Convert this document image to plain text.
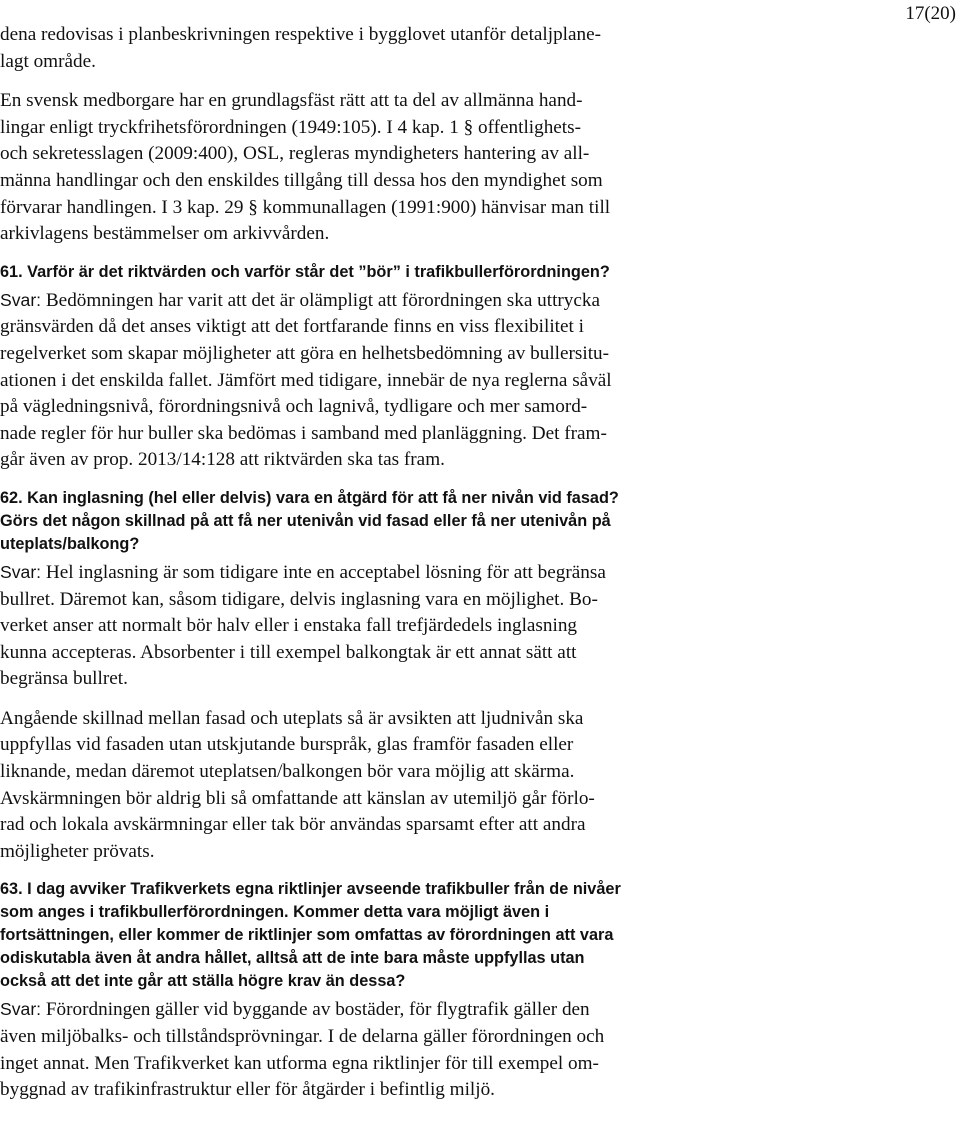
17(20)

dena redovisas i planbeskrivningen respektive i bygglovet utanför detaljplane-
lagt område.

En svensk medborgare har en grundlagsfäst rätt att ta del av allmänna hand-
lingar enligt tryckfrihetsförordningen (1949:105). I 4 kap. 1 § offentlighets-
och sekretesslagen (2009:400), OSL, regleras myndigheters hantering av all-
männa handlingar och den enskildes tillgång till dessa hos den myndighet som
förvarar handlingen. I 3 kap. 29 § kommunallagen (1991:900) hänvisar man till
arkivlagens bestämmelser om arkivvården.

61. Varför är det riktvärden och varför står det ”bör” i trafikbullerförordningen?

Svar: Bedömningen har varit att det är olämpligt att förordningen ska uttrycka
gränsvärden då det anses viktigt att det fortfarande finns en viss flexibilitet i
regelverket som skapar möjligheter att göra en helhetsbedömning av bullersitu-
ationen i det enskilda fallet. Jämfört med tidigare, innebär de nya reglerna såväl
på vägledningsnivå, förordningsnivå och lagnivå, tydligare och mer samord-
nade regler för hur buller ska bedömas i samband med planläggning. Det fram-
går även av prop. 2013/14:128 att riktvärden ska tas fram.

62. Kan inglasning (hel eller delvis) vara en åtgärd för att få ner nivån vid fasad?
Görs det någon skillnad på att få ner utenivån vid fasad eller få ner utenivån på
uteplats/balkong?

Svar: Hel inglasning är som tidigare inte en acceptabel lösning för att begränsa
bullret. Däremot kan, såsom tidigare, delvis inglasning vara en möjlighet. Bo-
verket anser att normalt bör halv eller i enstaka fall trefjärdedels inglasning
kunna accepteras. Absorbenter i till exempel balkongtak är ett annat sätt att
begränsa bullret.

Angående skillnad mellan fasad och uteplats så är avsikten att ljudnivån ska
uppfyllas vid fasaden utan utskjutande burspråk, glas framför fasaden eller
liknande, medan däremot uteplatsen/balkongen bör vara möjlig att skärma.
Avskärmningen bör aldrig bli så omfattande att känslan av utemiljö går förlo-
rad och lokala avskärmningar eller tak bör användas sparsamt efter att andra
möjligheter prövats.

63. I dag avviker Trafikverkets egna riktlinjer avseende trafikbuller från de nivåer
som anges i trafikbullerförordningen. Kommer detta vara möjligt även i
fortsättningen, eller kommer de riktlinjer som omfattas av förordningen att vara
odiskutabla även åt andra hållet, alltså att de inte bara måste uppfyllas utan
också att det inte går att ställa högre krav än dessa?

Svar: Förordningen gäller vid byggande av bostäder, för flygtrafik gäller den
även miljöbalks- och tillståndsprövningar. I de delarna gäller förordningen och
inget annat. Men Trafikverket kan utforma egna riktlinjer för till exempel om-
byggnad av trafikinfrastruktur eller för åtgärder i befintlig miljö.
